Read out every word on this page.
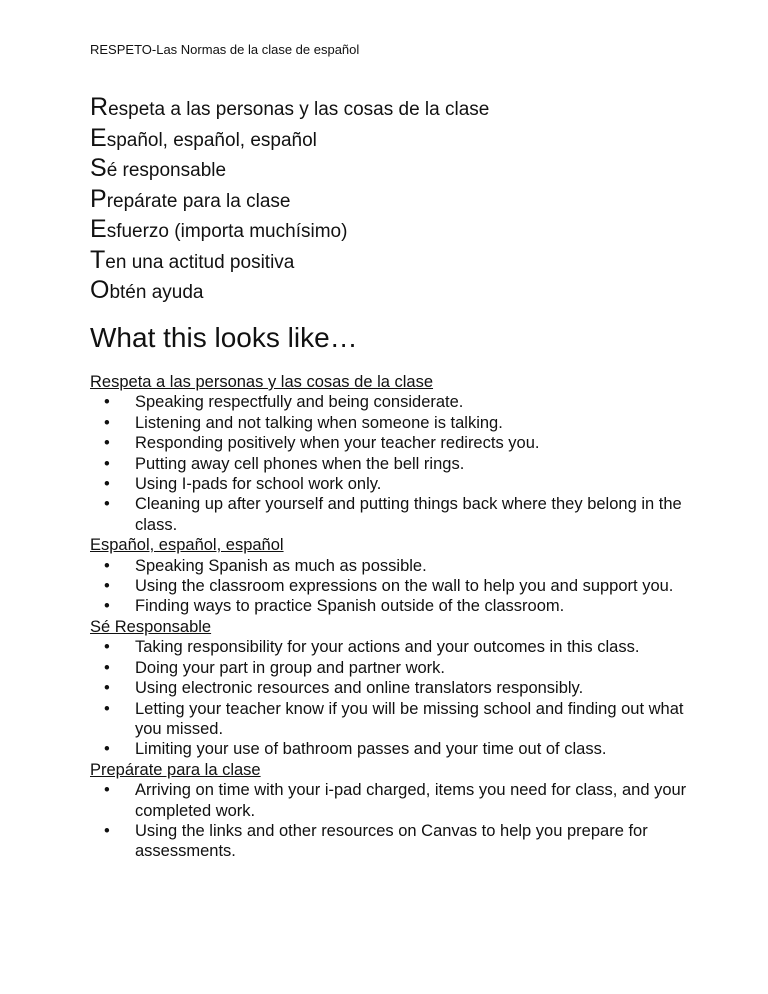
RESPETO-Las Normas de la clase de español
Respeta a las personas y las cosas de la clase
Español, español, español
Sé responsable
Prepárate para la clase
Esfuerzo (importa muchísimo)
Ten una actitud positiva
Obtén ayuda
What this looks like…
Respeta a las personas y las cosas de la clase
• Speaking respectfully and being considerate.
• Listening and not talking when someone is talking.
• Responding positively when your teacher redirects you.
• Putting away cell phones when the bell rings.
• Using I-pads for school work only.
• Cleaning up after yourself and putting things back where they belong in the class.
Español, español, español
• Speaking Spanish as much as possible.
• Using the classroom expressions on the wall to help you and support you.
• Finding ways to practice Spanish outside of the classroom.
Sé Responsable
• Taking responsibility for your actions and your outcomes in this class.
• Doing your part in group and partner work.
• Using electronic resources and online translators responsibly.
• Letting your teacher know if you will be missing school and finding out what you missed.
• Limiting your use of bathroom passes and your time out of class.
Prepárate para la clase
• Arriving on time with your i-pad charged, items you need for class, and your completed work.
• Using the links and other resources on Canvas to help you prepare for assessments.
